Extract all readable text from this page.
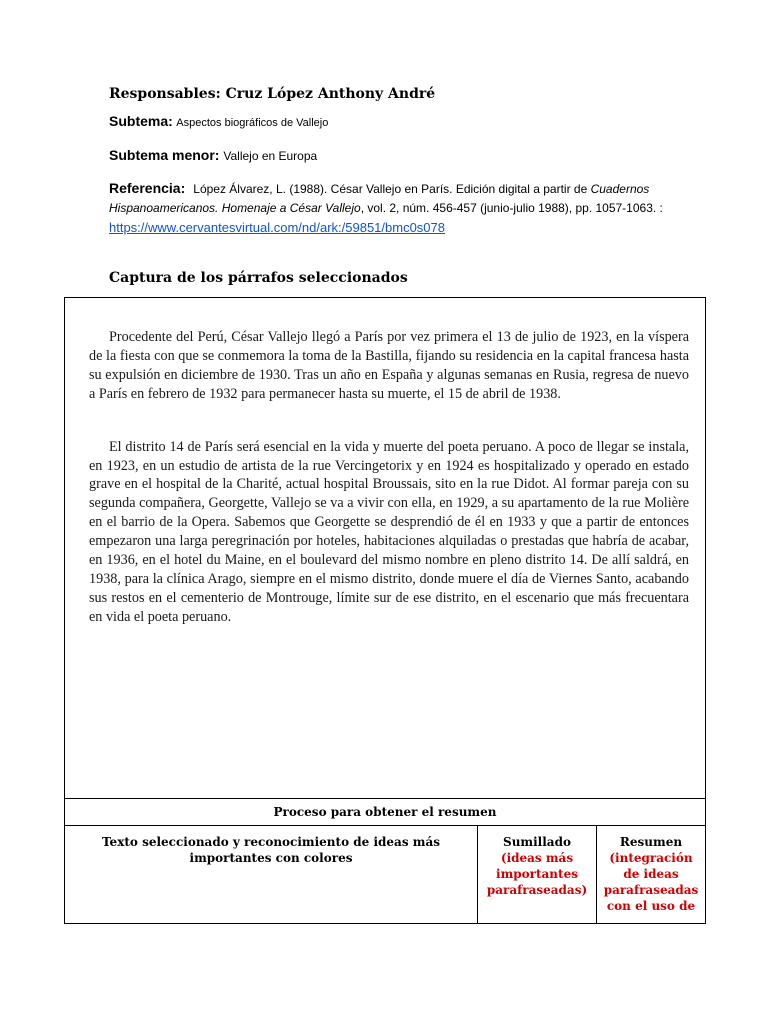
Responsables: Cruz López Anthony André
Subtema: Aspectos biográficos de Vallejo
Subtema menor: Vallejo en Europa
Referencia: López Álvarez, L. (1988). César Vallejo en París. Edición digital a partir de Cuadernos Hispanoamericanos. Homenaje a César Vallejo, vol. 2, núm. 456-457 (junio-julio 1988), pp. 1057-1063. : https://www.cervantesvirtual.com/nd/ark:/59851/bmc0s078
Captura de los párrafos seleccionados

Procedente del Perú, César Vallejo llegó a París por vez primera el 13 de julio de 1923, en la víspera de la fiesta con que se conmemora la toma de la Bastilla, fijando su residencia en la capital francesa hasta su expulsión en diciembre de 1930. Tras un año en España y algunas semanas en Rusia, regresa de nuevo a París en febrero de 1932 para permanecer hasta su muerte, el 15 de abril de 1938.

El distrito 14 de París será esencial en la vida y muerte del poeta peruano. A poco de llegar se instala, en 1923, en un estudio de artista de la rue Vercingetorix y en 1924 es hospitalizado y operado en estado grave en el hospital de la Charité, actual hospital Broussais, sito en la rue Didot. Al formar pareja con su segunda compañera, Georgette, Vallejo se va a vivir con ella, en 1929, a su apartamento de la rue Molière en el barrio de la Opera. Sabemos que Georgette se desprendió de él en 1933 y que a partir de entonces empezaron una larga peregrinación por hoteles, habitaciones alquiladas o prestadas que habría de acabar, en 1936, en el hotel du Maine, en el boulevard del mismo nombre en pleno distrito 14. De allí saldrá, en 1938, para la clínica Arago, siempre en el mismo distrito, donde muere el día de Viernes Santo, acabando sus restos en el cementerio de Montrouge, límite sur de ese distrito, en el escenario que más frecuentara en vida el poeta peruano.

Proceso para obtener el resumen
Texto seleccionado y reconocimiento de ideas más importantes con colores
Sumillado
(ideas más importantes parafraseadas)
Resumen
(integración de ideas parafraseadas con el uso de
